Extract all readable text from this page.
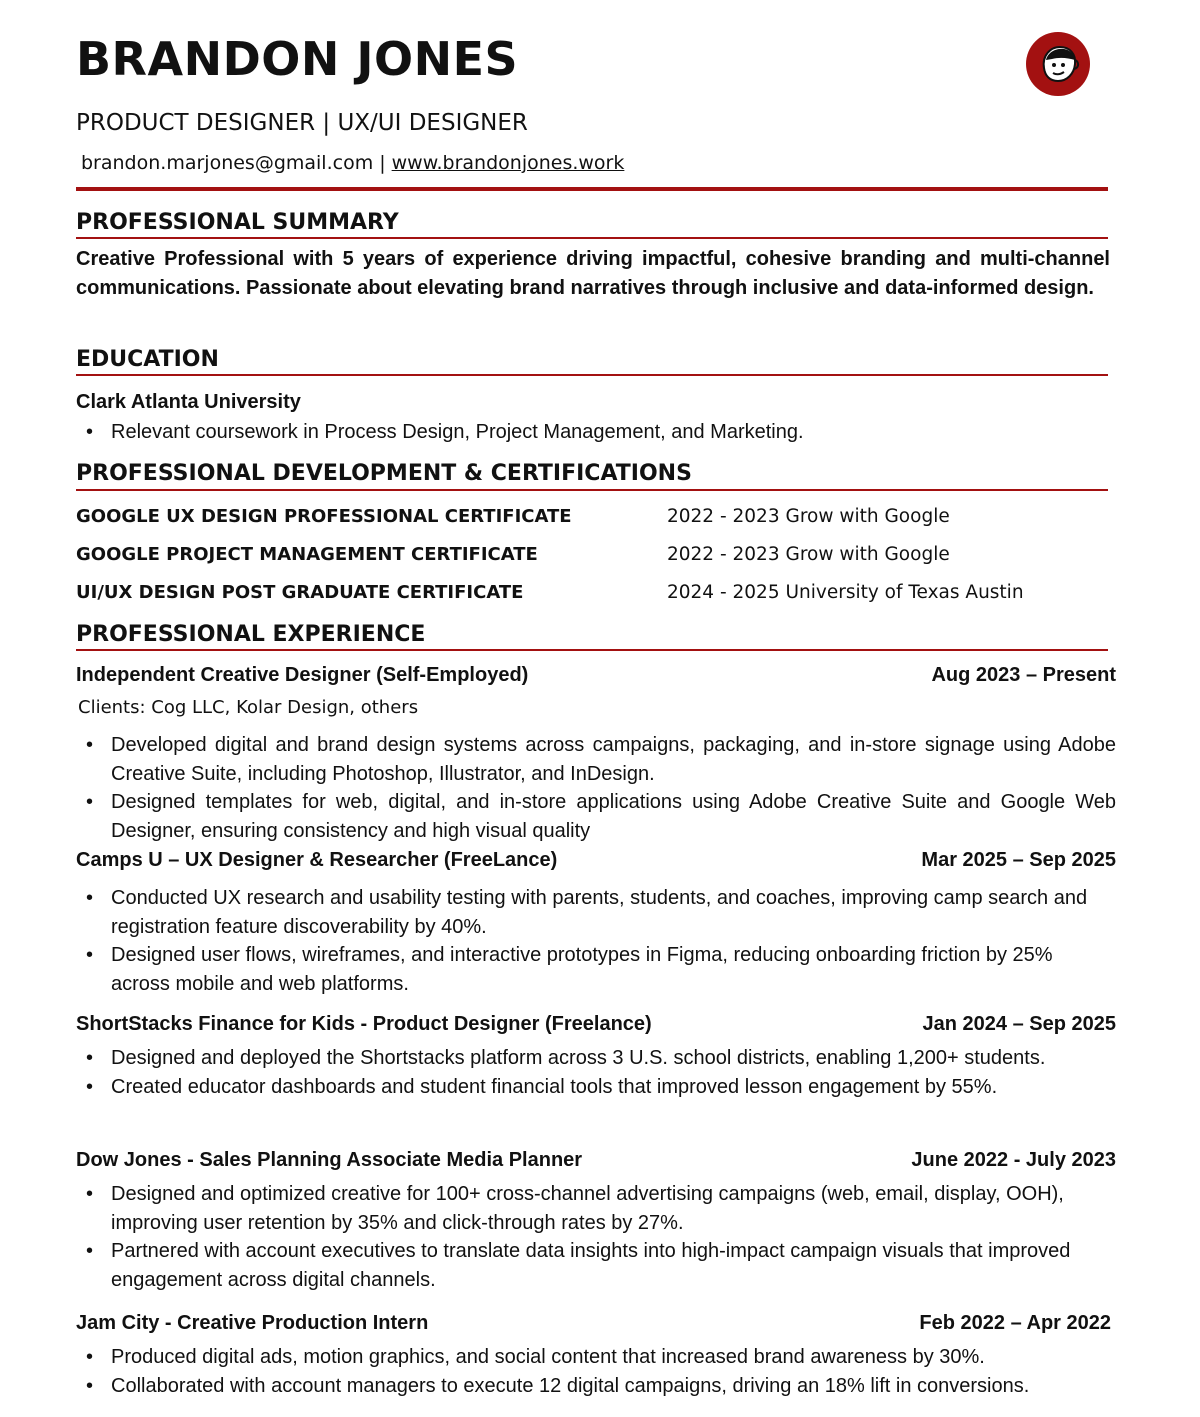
BRANDON JONES
PRODUCT DESIGNER | UX/UI DESIGNER
brandon.marjones@gmail.com | www.brandonjones.work
PROFESSIONAL SUMMARY
Creative Professional with 5 years of experience driving impactful, cohesive branding and multi-channel communications. Passionate about elevating brand narratives through inclusive and data-informed design.
EDUCATION
Clark Atlanta University
• Relevant coursework in Process Design, Project Management, and Marketing.
PROFESSIONAL DEVELOPMENT & CERTIFICATIONS
GOOGLE UX DESIGN PROFESSIONAL CERTIFICATE	2022 - 2023 Grow with Google
GOOGLE PROJECT MANAGEMENT CERTIFICATE	2022 - 2023 Grow with Google
UI/UX DESIGN POST GRADUATE CERTIFICATE	2024 - 2025 University of Texas Austin
PROFESSIONAL EXPERIENCE
Independent Creative Designer (Self-Employed)	Aug 2023 – Present
Clients: Cog LLC, Kolar Design, others
• Developed digital and brand design systems across campaigns, packaging, and in-store signage using Adobe Creative Suite, including Photoshop, Illustrator, and InDesign.
• Designed templates for web, digital, and in-store applications using Adobe Creative Suite and Google Web Designer, ensuring consistency and high visual quality
Camps U – UX Designer & Researcher (FreeLance)	Mar 2025 – Sep 2025
• Conducted UX research and usability testing with parents, students, and coaches, improving camp search and registration feature discoverability by 40%.
• Designed user flows, wireframes, and interactive prototypes in Figma, reducing onboarding friction by 25% across mobile and web platforms.
ShortStacks Finance for Kids - Product Designer (Freelance)	Jan 2024 – Sep 2025
• Designed and deployed the Shortstacks platform across 3 U.S. school districts, enabling 1,200+ students.
• Created educator dashboards and student financial tools that improved lesson engagement by 55%.
Dow Jones - Sales Planning Associate Media Planner	June 2022 - July 2023
• Designed and optimized creative for 100+ cross-channel advertising campaigns (web, email, display, OOH), improving user retention by 35% and click-through rates by 27%.
• Partnered with account executives to translate data insights into high-impact campaign visuals that improved engagement across digital channels.
Jam City - Creative Production Intern	Feb 2022 – Apr 2022
• Produced digital ads, motion graphics, and social content that increased brand awareness by 30%.
• Collaborated with account managers to execute 12 digital campaigns, driving an 18% lift in conversions.
